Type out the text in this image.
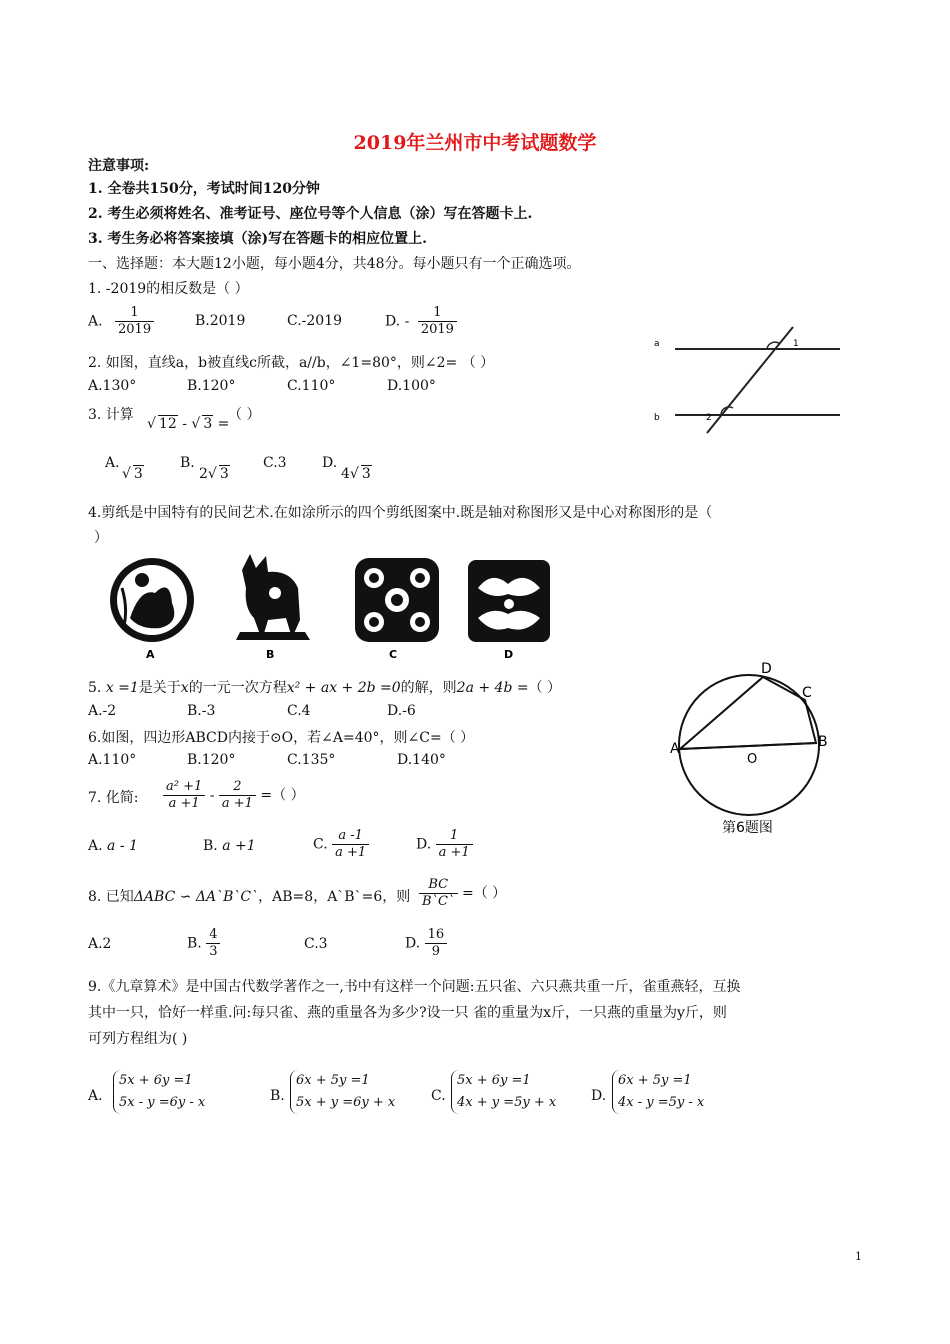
2019年兰州市中考试题数学
注意事项:
1. 全卷共150分，考试时间120分钟
2. 考生必须将姓名、准考证号、座位号等个人信息（涂）写在答题卡上.
3. 考生务必将答案接填（涂)写在答题卡的相应位置上.
一、选择题：本大题12小题，每小题4分，共48分。每小题只有一个正确选项。
1. -2019的相反数是（ ）
A. $\frac{1}{2019}$	B.2019	C.-2019	D. - $\frac{1}{2019}$
2. 如图，直线a，b被直线c所截，a//b，∠1=80°，则∠2= （ ）
A.130°	B.120°	C.110°	D.100°
a
b
1
2
3. 计算
√ 12 - √ 3 =
（ ）
A.
√ 3
B.
2√ 3
C.3	D.
4√ 3
4.剪纸是中国特有的民间艺术.在如涂所示的四个剪纸图案中.既是轴对称图形又是中心对称图形的是（
）
A	B	C	D
5. x =1是关于x的一元一次方程x² + ax + 2b =0的解，则2a + 4b =（ ）
A.-2	B.-3	C.4	D.-6
6.如图，四边形ABCD内接于⊙O，若∠A=40°，则∠C=（ ）
A.110°	B.120°	C.135°	D.140°
A
D
C
B
O
第6题图
7. 化简: $\frac{\text{a² +1}}{a +1} - \frac{2}{a +1}$ =（ ）
A. a - 1	B. a +1	C. $\frac{a -1}{a +1}$	D. $\frac{1}{a +1}$
8. 已知ΔABC ∽ ΔA`B`C`，AB=8，A`B`=6，则 $\frac{BC}{B`C`}$ =（ ）
A.2	B. $\frac{4}{3}$	C.3	D. $\frac{16}{9}$
9.《九章算术》是中国古代数学著作之一,书中有这样一个问题:五只雀、六只燕共重一斤，雀重燕轻，互换
其中一只，恰好一样重.问:每只雀、燕的重量各为多少?设一只 雀的重量为x斤，一只燕的重量为y斤，则
可列方程组为( )
A.
5x + 6y =1
5x - y =6y - x	B.
6x + 5y =1
5x + y =6y + x	C.
5x + 6y =1
4x + y =5y + x D.
6x + 5y =1
4x - y =5y - x
1
